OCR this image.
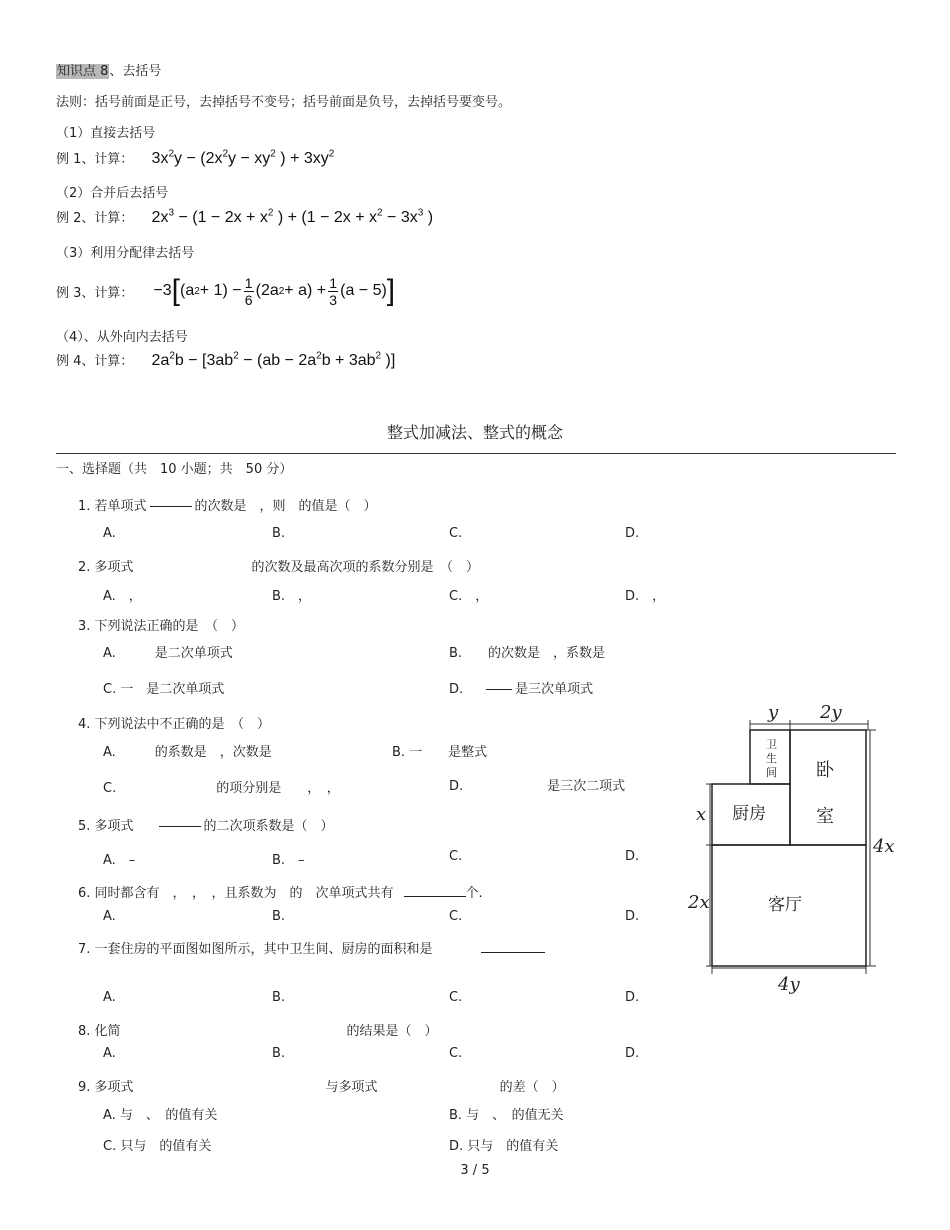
知识点 8、去括号
法则：括号前面是正号，去掉括号不变号；括号前面是负号，去掉括号要变号。
（1）直接去括号
例 1、计算： $3x^2y - (2x^2y - xy^2$ ) + $3xy^2$
（2）合并后去括号
例 2、计算： $2x^3 - (1 - 2x + x^2$ ) + ($1 - 2x + x^2 - 3x^3$ )
（3）利用分配律去括号
例 3、计算： −3 [ (a $2 + 1) - \frac{1}{6} (2a$ $2 + a) + \frac{1}{3} (a - 5)$ ]
（4）、从外向内去括号
例 4、计算： $2a^2b - [3ab^2 - (ab - 2a^2b + 3ab^2$ )]
整式加减法、整式的概念
一、选择题（共　10 小题；共　50 分）
1. 若单项式	的次数是　，则　的值是（　）
A.	B.	C.	D.
2. 多项式	的次数及最高次项的系数分别是　（　）
A.　，	B.　，	C.　，	D.　，
3. 下列说法正确的是　（　）
A.　　　是二次单项式	B.　　的次数是　，系数是
C. 一　是二次单项式	D.	是三次单项式
4. 下列说法中不正确的是　（　）
A.　　　的系数是　，次数是	B. 一　　是整式
C.	的项分别是　　，　，	D.	是三次二项式
5. 多项式	的二次项系数是（　）
A.　–	B.　–	C.	D.
6. 同时都含有　，　，　，且系数为　的　次单项式共有	个.
A.	B.	C.	D.
7. 一套住房的平面图如图所示，其中卫生间、厨房的面积和是
A.	B.	C.	D.
8. 化简	的结果是（　）
A.	B.	C.	D.
9. 多项式	与多项式	的差（　）
A. 与　、　的值有关	B. 与　、　的值无关
C. 只与　的值有关	D. 只与　的值有关
y 2y
4x
x
2x
4y
卫
生
间 卧
室
厨房
客厅
3 / 5
